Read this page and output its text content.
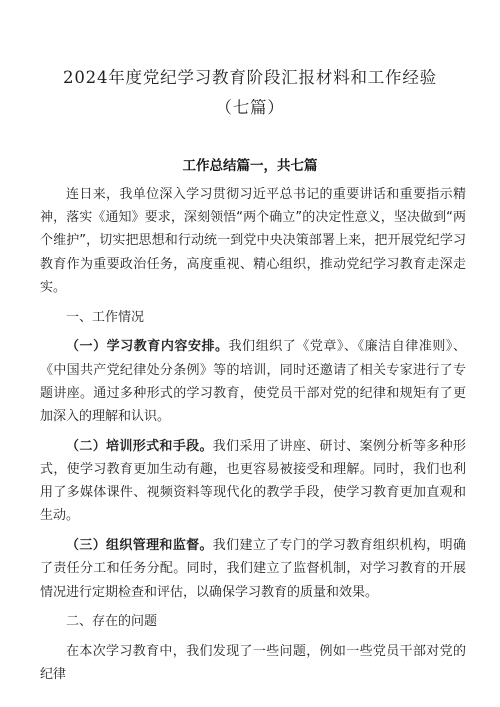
2024年度党纪学习教育阶段汇报材料和工作经验
（七篇）
工作总结篇一，共七篇

连日来，我单位深入学习贯彻习近平总书记的重要讲话和重要指示精神，落实《通知》要求，深刻领悟“两个确立”的决定性意义，坚决做到“两个维护”，切实把思想和行动统一到党中央决策部署上来，把开展党纪学习教育作为重要政治任务，高度重视、精心组织，推动党纪学习教育走深走实。

一、工作情况

（一）学习教育内容安排。我们组织了《党章》、《廉洁自律准则》、《中国共产党纪律处分条例》等的培训，同时还邀请了相关专家进行了专题讲座。通过多种形式的学习教育，使党员干部对党的纪律和规矩有了更加深入的理解和认识。

（二）培训形式和手段。我们采用了讲座、研讨、案例分析等多种形式，使学习教育更加生动有趣，也更容易被接受和理解。同时，我们也利用了多媒体课件、视频资料等现代化的教学手段，使学习教育更加直观和生动。

（三）组织管理和监督。我们建立了专门的学习教育组织机构，明确了责任分工和任务分配。同时，我们建立了监督机制，对学习教育的开展情况进行定期检查和评估，以确保学习教育的质量和效果。

二、存在的问题

在本次学习教育中，我们发现了一些问题，例如一些党员干部对党的纪律
